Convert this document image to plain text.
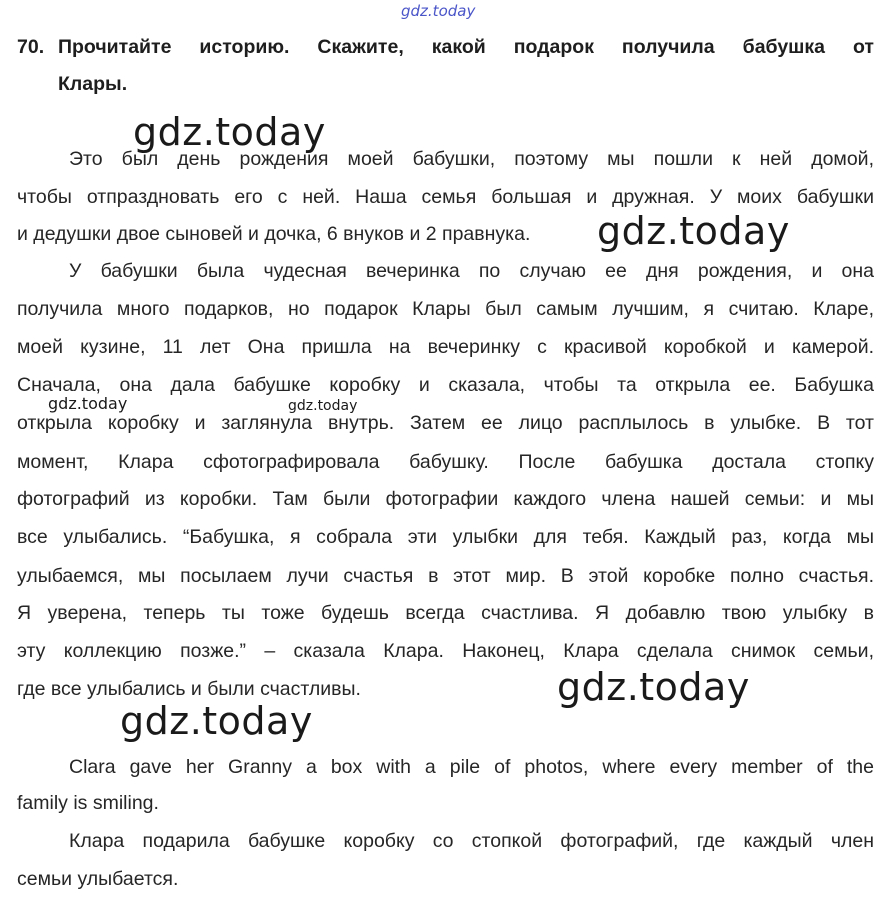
gdz.today
70. Прочитайте историю. Скажите, какой подарок получила бабушка от
Клары.
Это был день рождения моей бабушки, поэтому мы пошли к ней домой,
чтобы отпраздновать его с ней. Наша семья большая и дружная. У моих бабушки
и дедушки двое сыновей и дочка, 6 внуков и 2 правнука.
У бабушки была чудесная вечеринка по случаю ее дня рождения, и она
получила много подарков, но подарок Клары был самым лучшим, я считаю. Кларе,
моей кузине, 11 лет Она пришла на вечеринку с красивой коробкой и камерой.
Сначала, она дала бабушке коробку и сказала, чтобы та открыла ее. Бабушка
открыла коробку и заглянула внутрь. Затем ее лицо расплылось в улыбке. В тот
момент, Клара сфотографировала бабушку. После бабушка достала стопку
фотографий из коробки. Там были фотографии каждого члена нашей семьи: и мы
все улыбались. “Бабушка, я собрала эти улыбки для тебя. Каждый раз, когда мы
улыбаемся, мы посылаем лучи счастья в этот мир. В этой коробке полно счастья.
Я уверена, теперь ты тоже будешь всегда счастлива. Я добавлю твою улыбку в
эту коллекцию позже.” – сказала Клара. Наконец, Клара сделала снимок семьи,
где все улыбались и были счастливы.
Clara gave her Granny a box with a pile of photos, where every member of the
family is smiling.
Клара подарила бабушке коробку со стопкой фотографий, где каждый член
семьи улыбается.
gdz.today
gdz.today
gdz.today	gdz.today
gdz.today
gdz.today
